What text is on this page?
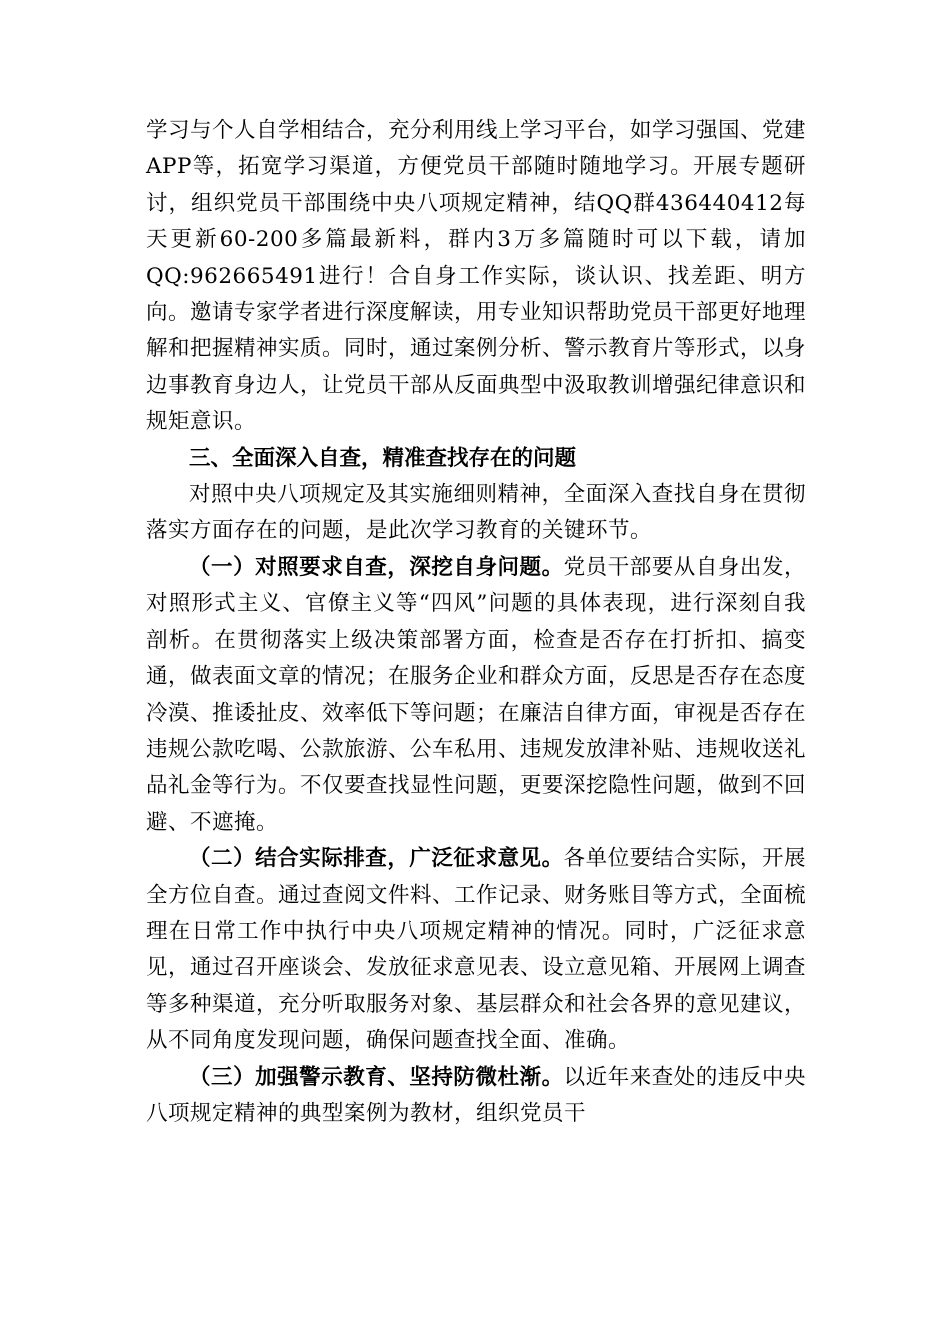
学习与个人自学相结合，充分利用线上学习平台，如学习强国、党建APP等，拓宽学习渠道，方便党员干部随时随地学习。开展专题研讨，组织党员干部围绕中央八项规定精神，结QQ群436440412每天更新60-200多篇最新料，群内3万多篇随时可以下载，请加QQ:962665491进行！合自身工作实际，谈认识、找差距、明方向。邀请专家学者进行深度解读，用专业知识帮助党员干部更好地理解和把握精神实质。同时，通过案例分析、警示教育片等形式，以身边事教育身边人，让党员干部从反面典型中汲取教训增强纪律意识和规矩意识。

三、全面深入自查，精准查找存在的问题

对照中央八项规定及其实施细则精神，全面深入查找自身在贯彻落实方面存在的问题，是此次学习教育的关键环节。

（一）对照要求自查，深挖自身问题。党员干部要从自身出发，对照形式主义、官僚主义等“四风”问题的具体表现，进行深刻自我剖析。在贯彻落实上级决策部署方面，检查是否存在打折扣、搞变通，做表面文章的情况；在服务企业和群众方面，反思是否存在态度冷漠、推诿扯皮、效率低下等问题；在廉洁自律方面，审视是否存在违规公款吃喝、公款旅游、公车私用、违规发放津补贴、违规收送礼品礼金等行为。不仅要查找显性问题，更要深挖隐性问题，做到不回避、不遮掩。

（二）结合实际排查，广泛征求意见。各单位要结合实际，开展全方位自查。通过查阅文件料、工作记录、财务账目等方式，全面梳理在日常工作中执行中央八项规定精神的情况。同时，广泛征求意见，通过召开座谈会、发放征求意见表、设立意见箱、开展网上调查等多种渠道，充分听取服务对象、基层群众和社会各界的意见建议，从不同角度发现问题，确保问题查找全面、准确。

（三）加强警示教育、坚持防微杜渐。以近年来查处的违反中央八项规定精神的典型案例为教材，组织党员干
